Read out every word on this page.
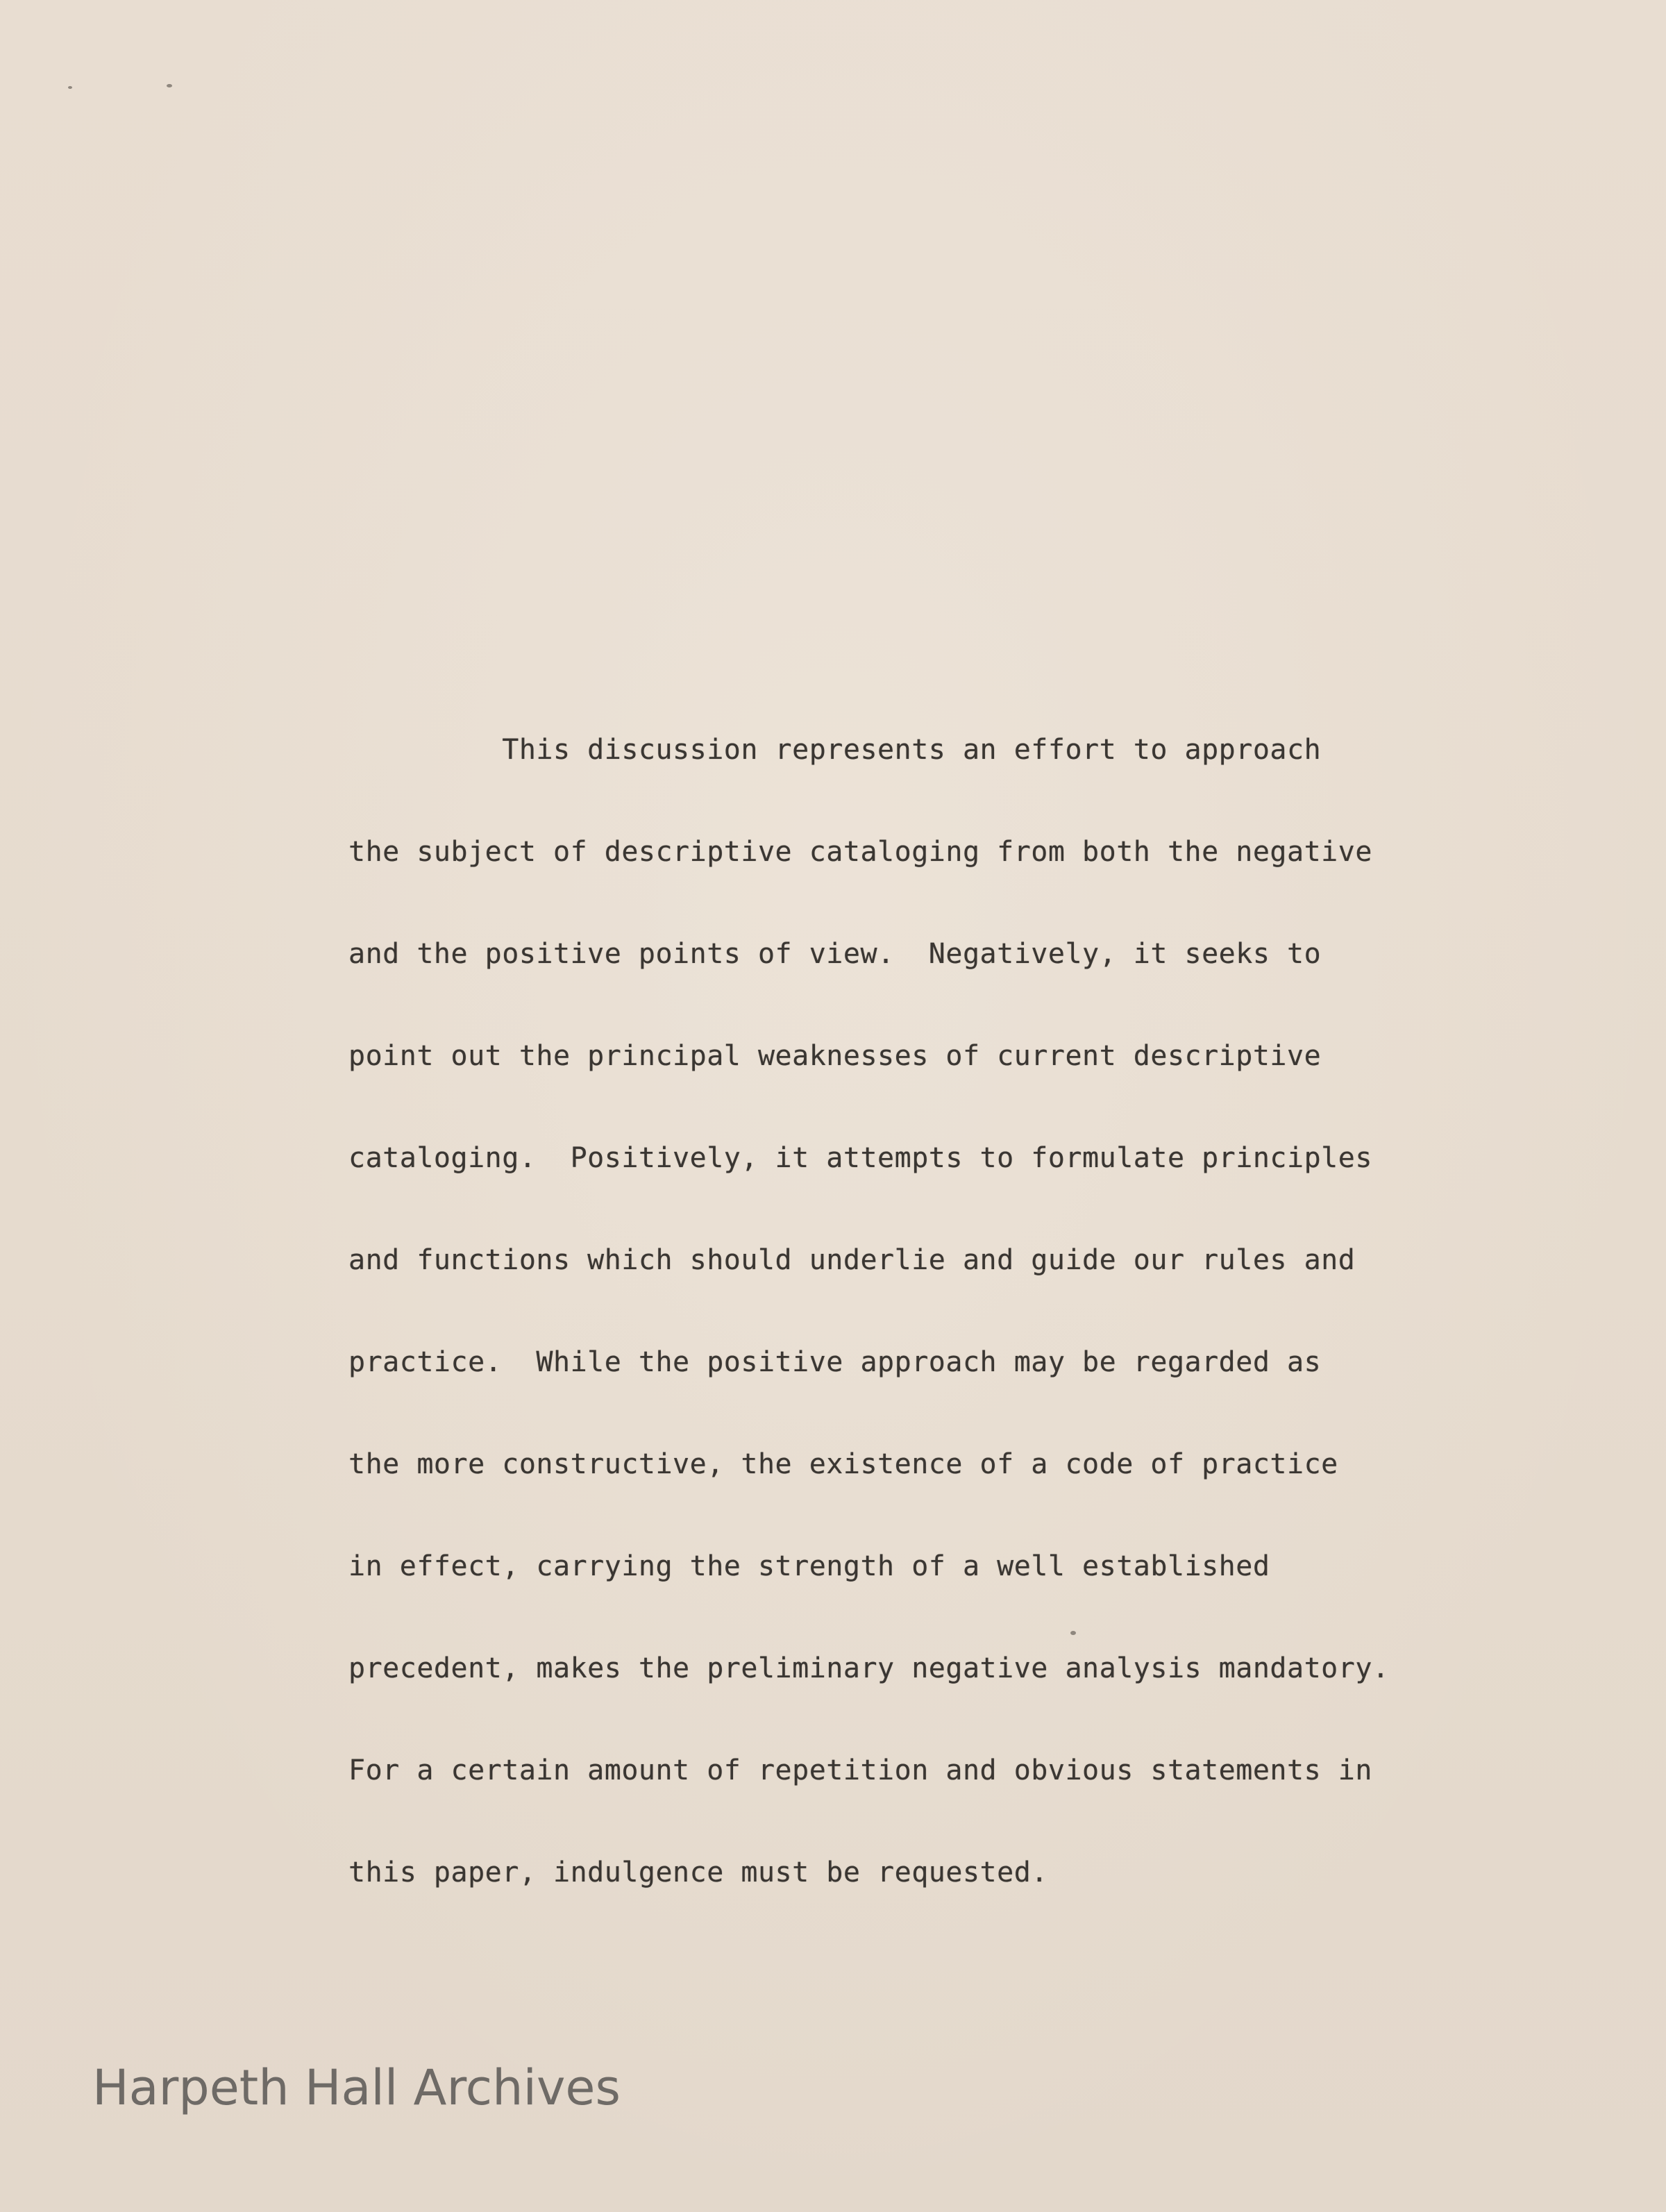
This discussion represents an effort to approach

the subject of descriptive cataloging from both the negative

and the positive points of view.  Negatively, it seeks to

point out the principal weaknesses of current descriptive

cataloging.  Positively, it attempts to formulate principles

and functions which should underlie and guide our rules and

practice.  While the positive approach may be regarded as

the more constructive, the existence of a code of practice

in effect, carrying the strength of a well established

precedent, makes the preliminary negative analysis mandatory.

For a certain amount of repetition and obvious statements in

this paper, indulgence must be requested.

Harpeth Hall Archives
